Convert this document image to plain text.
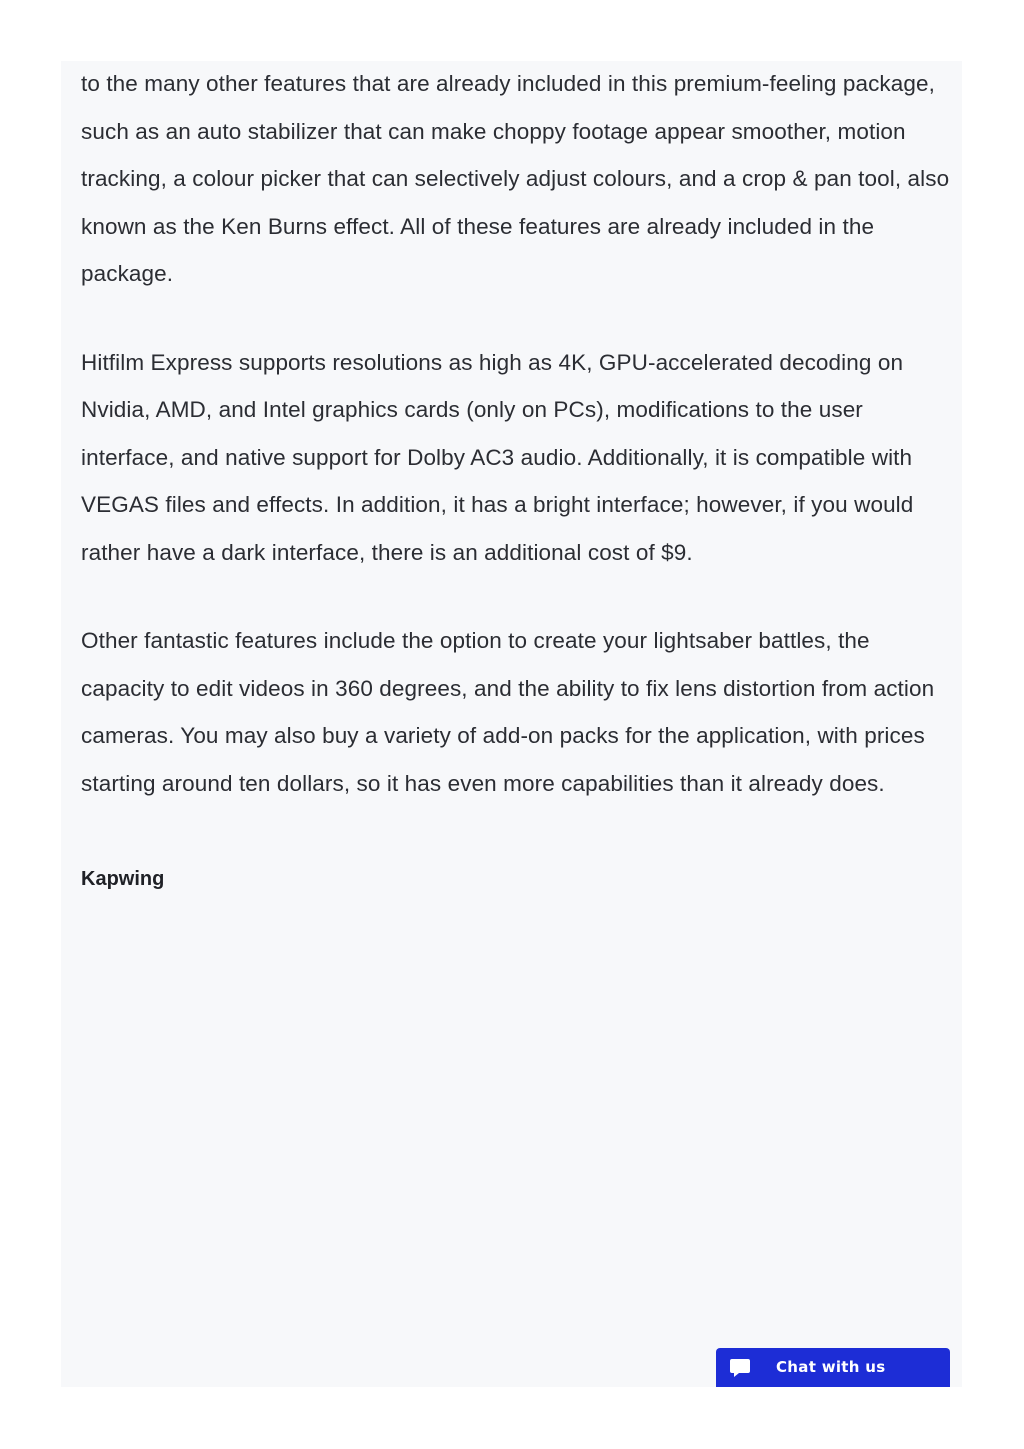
to the many other features that are already included in this premium-feeling package, such as an auto stabilizer that can make choppy footage appear smoother, motion tracking, a colour picker that can selectively adjust colours, and a crop & pan tool, also known as the Ken Burns effect. All of these features are already included in the package.

Hitfilm Express supports resolutions as high as 4K, GPU-accelerated decoding on Nvidia, AMD, and Intel graphics cards (only on PCs), modifications to the user interface, and native support for Dolby AC3 audio. Additionally, it is compatible with VEGAS files and effects. In addition, it has a bright interface; however, if you would rather have a dark interface, there is an additional cost of $9.

Other fantastic features include the option to create your lightsaber battles, the capacity to edit videos in 360 degrees, and the ability to fix lens distortion from action cameras. You may also buy a variety of add-on packs for the application, with prices starting around ten dollars, so it has even more capabilities than it already does.

Kapwing
Chat with us
